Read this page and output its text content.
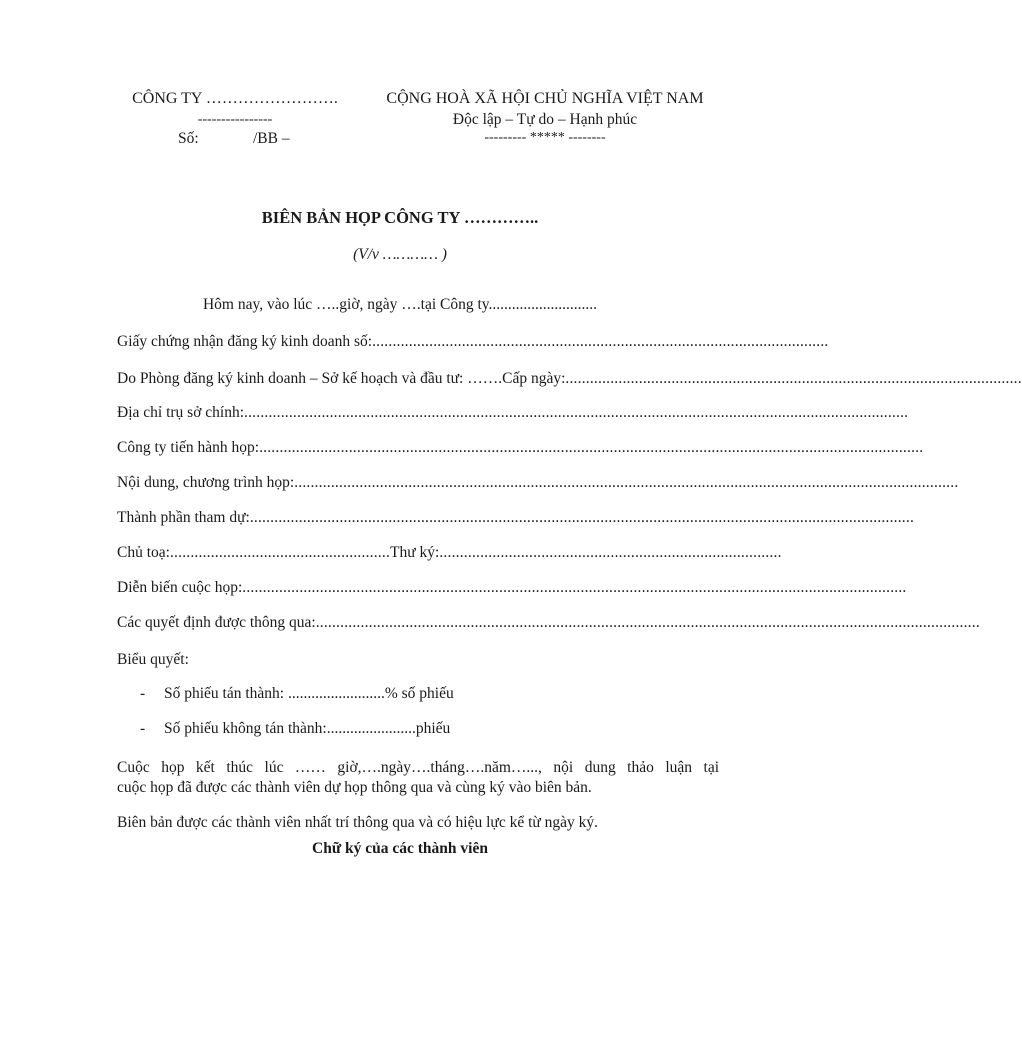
CÔNG TY …………………….
----------------
Số:	/BB –
CỘNG HOÀ XÃ HỘI CHỦ NGHĨA VIỆT NAM
Độc lập – Tự do – Hạnh phúc
--------- ***** --------
BIÊN BẢN HỌP CÔNG TY …………..
(V/v ………… )
Hôm nay, vào lúc …..giờ, ngày ….tại Công ty............................
Giấy chứng nhận đăng ký kinh doanh số: ................................................................................................................
Do Phòng đăng ký kinh doanh – Sở kế hoạch và đầu tư: …….Cấp ngày: ................................................................................................................
Địa chỉ trụ sở chính: ...................................................................................................................................................................
Công ty tiến hành họp: ...................................................................................................................................................................
Nội dung, chương trình họp: ...................................................................................................................................................................
Thành phần tham dự: ...................................................................................................................................................................
Chủ toạ: ...................................................... Thư ký: ....................................................................................
Diễn biến cuộc họp: ...................................................................................................................................................................
Các quyết định được thông qua: ...................................................................................................................................................................
Biểu quyết:
- Số phiếu tán thành: .........................% số phiếu
- Số phiếu không tán thành:.......................phiếu
Cuộc họp kết thúc lúc …… giờ,….ngày….tháng….năm…..., nội dung thảo luận tại
cuộc họp đã được các thành viên dự họp thông qua và cùng ký vào biên bản.
Biên bản được các thành viên nhất trí thông qua và có hiệu lực kể từ ngày ký.
Chữ ký của các thành viên
